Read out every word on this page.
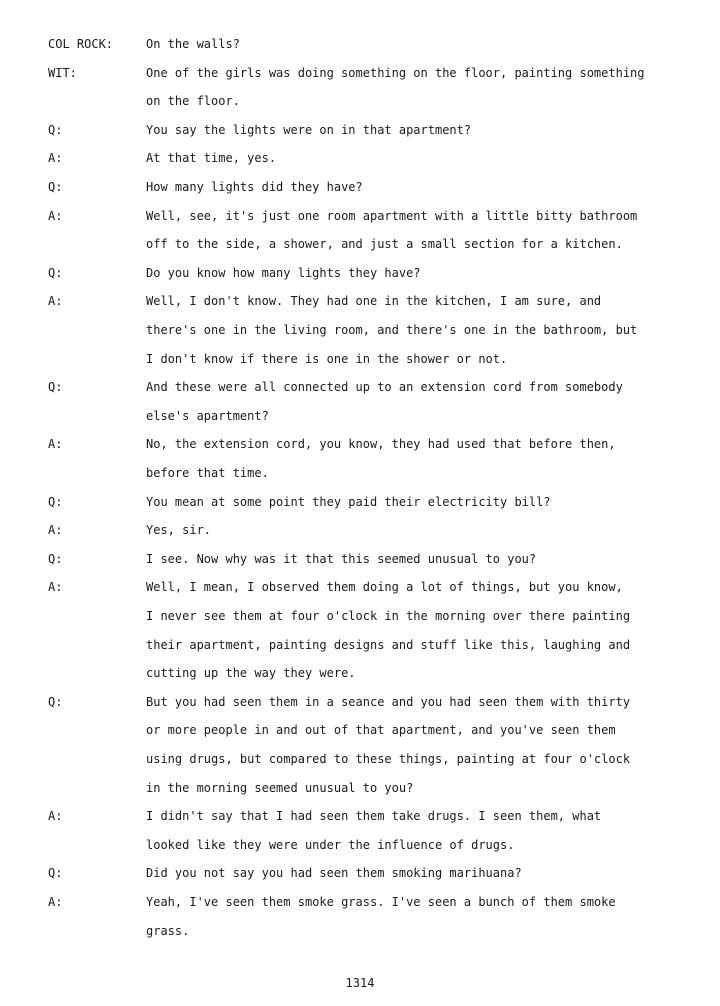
COL ROCK:	On the walls?
WIT:	One of the girls was doing something on the floor, painting something
on the floor.
Q:	You say the lights were on in that apartment?
A:	At that time, yes.
Q:	How many lights did they have?
A:	Well, see, it's just one room apartment with a little bitty bathroom
off to the side, a shower, and just a small section for a kitchen.
Q:	Do you know how many lights they have?
A:	Well, I don't know. They had one in the kitchen, I am sure, and
there's one in the living room, and there's one in the bathroom, but
I don't know if there is one in the shower or not.
Q:	And these were all connected up to an extension cord from somebody
else's apartment?
A:	No, the extension cord, you know, they had used that before then,
before that time.
Q:	You mean at some point they paid their electricity bill?
A:	Yes, sir.
Q:	I see. Now why was it that this seemed unusual to you?
A:	Well, I mean, I observed them doing a lot of things, but you know,
I never see them at four o'clock in the morning over there painting
their apartment, painting designs and stuff like this, laughing and
cutting up the way they were.
Q:	But you had seen them in a seance and you had seen them with thirty
or more people in and out of that apartment, and you've seen them
using drugs, but compared to these things, painting at four o'clock
in the morning seemed unusual to you?
A:	I didn't say that I had seen them take drugs. I seen them, what
looked like they were under the influence of drugs.
Q:	Did you not say you had seen them smoking marihuana?
A:	Yeah, I've seen them smoke grass. I've seen a bunch of them smoke
grass.
1314
